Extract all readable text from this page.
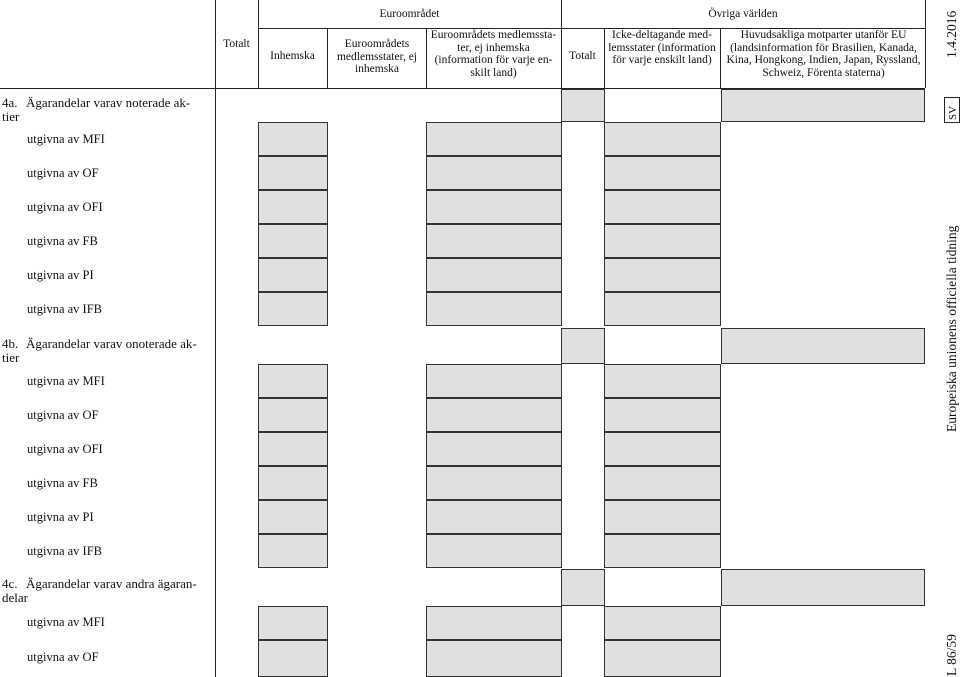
Euroområdet	Övriga världen
Totalt
Inhemska
Euroområdets medlemsstater, ej inhemska
Euroområdets medlemssta-ter, ej inhemska (information för varje en-skilt land)
Totalt
Icke-deltagande med-lemsstater (information för varje enskilt land)
Huvudsakliga motparter utanför EU (landsinformation för Brasilien, Kanada, Kina, Hongkong, Indien, Japan, Ryssland, Schweiz, Förenta staterna)
4a. Ägarandelar varav noterade ak-tier
utgivna av MFI
utgivna av OF
utgivna av OFI
utgivna av FB
utgivna av PI
utgivna av IFB
4b. Ägarandelar varav onoterade ak-tier
utgivna av MFI
utgivna av OF
utgivna av OFI
utgivna av FB
utgivna av PI
utgivna av IFB
4c. Ägarandelar varav andra ägaran-delar
utgivna av MFI
utgivna av OF
1.4.2016
SV
Europeiska unionens officiella tidning
L 86/59
